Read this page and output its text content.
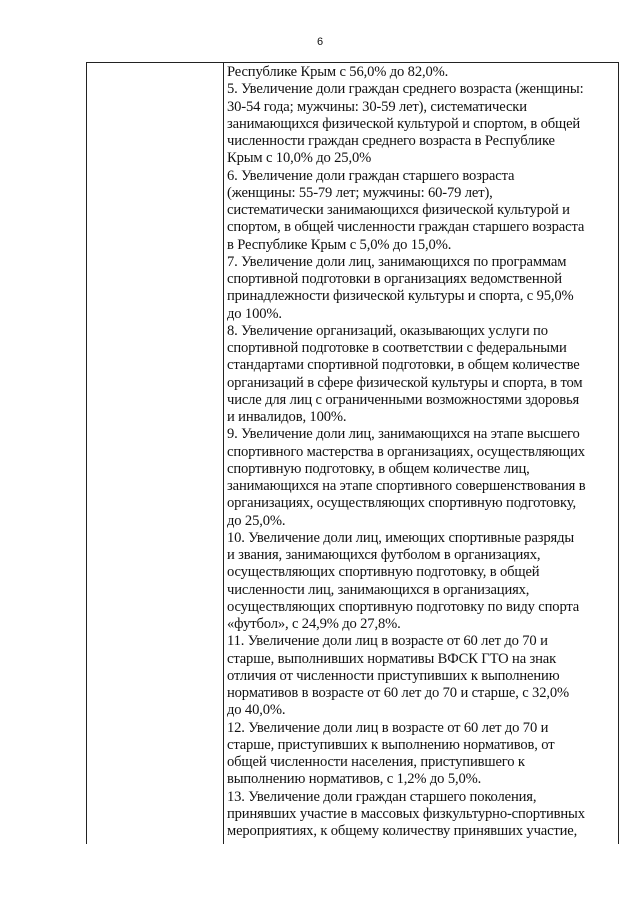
6
Республике Крым с 56,0% до 82,0%.
5. Увеличение доли граждан среднего возраста (женщины:
30-54 года; мужчины: 30-59 лет), систематически
занимающихся физической культурой и спортом, в общей
численности граждан среднего возраста в Республике
Крым с 10,0% до 25,0%
6. Увеличение доли граждан старшего возраста
(женщины: 55-79 лет; мужчины: 60-79 лет),
систематически занимающихся физической культурой и
спортом, в общей численности граждан старшего возраста
в Республике Крым с 5,0% до 15,0%.
7. Увеличение доли лиц, занимающихся по программам
спортивной подготовки в организациях ведомственной
принадлежности физической культуры и спорта, с 95,0%
до 100%.
8. Увеличение организаций, оказывающих услуги по
спортивной подготовке в соответствии с федеральными
стандартами спортивной подготовки, в общем количестве
организаций в сфере физической культуры и спорта, в том
числе для лиц с ограниченными возможностями здоровья
и инвалидов, 100%.
9. Увеличение доли лиц, занимающихся на этапе высшего
спортивного мастерства в организациях, осуществляющих
спортивную подготовку, в общем количестве лиц,
занимающихся на этапе спортивного совершенствования в
организациях, осуществляющих спортивную подготовку,
до 25,0%.
10. Увеличение доли лиц, имеющих спортивные разряды
и звания, занимающихся футболом в организациях,
осуществляющих спортивную подготовку, в общей
численности лиц, занимающихся в организациях,
осуществляющих спортивную подготовку по виду спорта
«футбол», с 24,9% до 27,8%.
11. Увеличение доли лиц в возрасте от 60 лет до 70 и
старше, выполнивших нормативы ВФСК ГТО на знак
отличия от численности приступивших к выполнению
нормативов в возрасте от 60 лет до 70 и старше, с 32,0%
до 40,0%.
12. Увеличение доли лиц в возрасте от 60 лет до 70 и
старше, приступивших к выполнению нормативов, от
общей численности населения, приступившего к
выполнению нормативов, с 1,2% до 5,0%.
13. Увеличение доли граждан старшего поколения,
принявших участие в массовых физкультурно-спортивных
мероприятиях, к общему количеству принявших участие,
